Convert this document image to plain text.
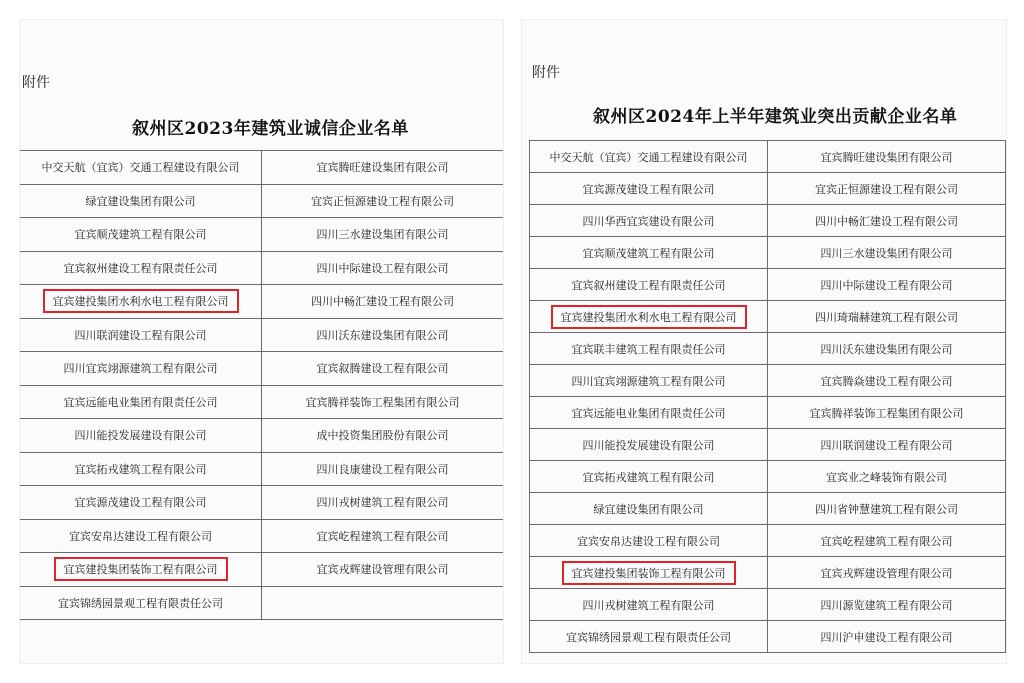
附件
叙州区2023年建筑业诚信企业名单
中交天航（宜宾）交通工程建设有限公司	宜宾腾旺建设集团有限公司
绿宜建设集团有限公司	宜宾正恒源建设工程有限公司
宜宾顺茂建筑工程有限公司	四川三水建设集团有限公司
宜宾叙州建设工程有限责任公司	四川中际建设工程有限公司
宜宾建投集团水利水电工程有限公司	四川中畅汇建设工程有限公司
四川联润建设工程有限公司	四川沃东建设集团有限公司
四川宜宾翊源建筑工程有限公司	宜宾叙腾建设工程有限公司
宜宾远能电业集团有限责任公司	宜宾腾祥装饰工程集团有限公司
四川能投发展建设有限公司	成中投资集团股份有限公司
宜宾拓戎建筑工程有限公司	四川良康建设工程有限公司
宜宾源茂建设工程有限公司	四川戎树建筑工程有限公司
宜宾安帛达建设工程有限公司	宜宾屹程建筑工程有限公司
宜宾建投集团装饰工程有限公司	宜宾戎辉建设管理有限公司
宜宾锦绣园景观工程有限责任公司	
附件
叙州区2024年上半年建筑业突出贡献企业名单
中交天航（宜宾）交通工程建设有限公司	宜宾腾旺建设集团有限公司
宜宾源茂建设工程有限公司	宜宾正恒源建设工程有限公司
四川华西宜宾建设有限公司	四川中畅汇建设工程有限公司
宜宾顺茂建筑工程有限公司	四川三水建设集团有限公司
宜宾叙州建设工程有限责任公司	四川中际建设工程有限公司
宜宾建投集团水利水电工程有限公司	四川琦瑞赫建筑工程有限公司
宜宾联丰建筑工程有限责任公司	四川沃东建设集团有限公司
四川宜宾翊源建筑工程有限公司	宜宾腾焱建设工程有限公司
宜宾远能电业集团有限责任公司	宜宾腾祥装饰工程集团有限公司
四川能投发展建设有限公司	四川联润建设工程有限公司
宜宾拓戎建筑工程有限公司	宜宾业之峰装饰有限公司
绿宜建设集团有限公司	四川省钟慧建筑工程有限公司
宜宾安帛达建设工程有限公司	宜宾屹程建筑工程有限公司
宜宾建投集团装饰工程有限公司	宜宾戎辉建设管理有限公司
四川戎树建筑工程有限公司	四川源览建筑工程有限公司
宜宾锦绣园景观工程有限责任公司	四川沪申建设工程有限公司
